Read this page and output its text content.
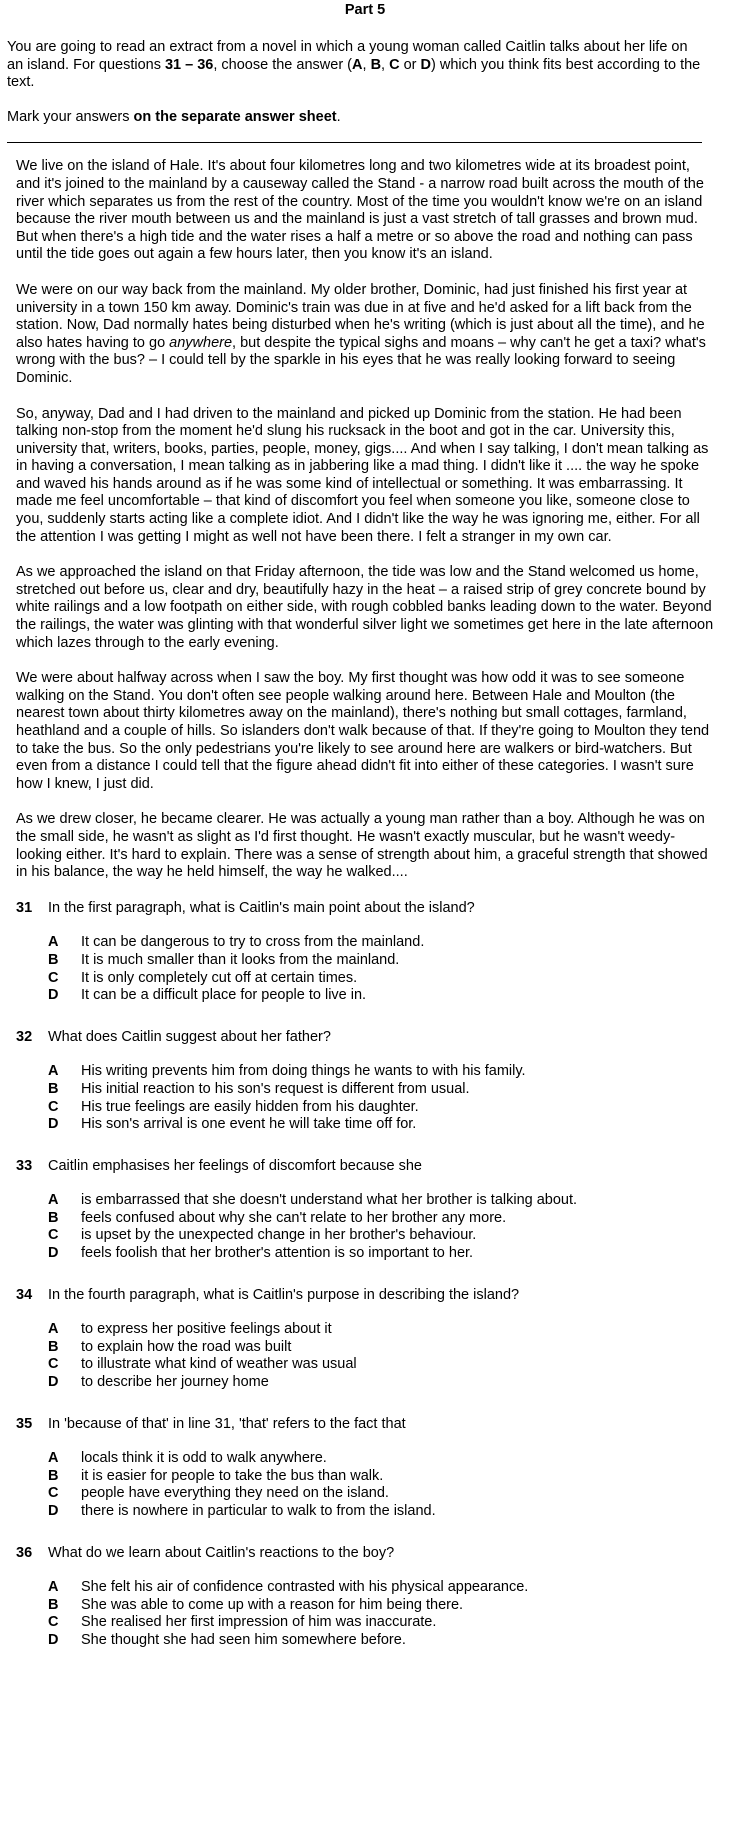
Part 5
You are going to read an extract from a novel in which a young woman called Caitlin talks about her life on an island. For questions 31 – 36, choose the answer (A, B, C or D) which you think fits best according to the text.
Mark your answers on the separate answer sheet.

We live on the island of Hale. It's about four kilometres long and two kilometres wide at its broadest point, and it's joined to the mainland by a causeway called the Stand - a narrow road built across the mouth of the river which separates us from the rest of the country. Most of the time you wouldn't know we're on an island because the river mouth between us and the mainland is just a vast stretch of tall grasses and brown mud. But when there's a high tide and the water rises a half a metre or so above the road and nothing can pass until the tide goes out again a few hours later, then you know it's an island.

We were on our way back from the mainland. My older brother, Dominic, had just finished his first year at university in a town 150 km away. Dominic's train was due in at five and he'd asked for a lift back from the station. Now, Dad normally hates being disturbed when he's writing (which is just about all the time), and he also hates having to go anywhere, but despite the typical sighs and moans – why can't he get a taxi? what's wrong with the bus? – I could tell by the sparkle in his eyes that he was really looking forward to seeing Dominic.

So, anyway, Dad and I had driven to the mainland and picked up Dominic from the station. He had been talking non-stop from the moment he'd slung his rucksack in the boot and got in the car. University this, university that, writers, books, parties, people, money, gigs.... And when I say talking, I don't mean talking as in having a conversation, I mean talking as in jabbering like a mad thing. I didn't like it .... the way he spoke and waved his hands around as if he was some kind of intellectual or something. It was embarrassing. It made me feel uncomfortable – that kind of discomfort you feel when someone you like, someone close to you, suddenly starts acting like a complete idiot. And I didn't like the way he was ignoring me, either. For all the attention I was getting I might as well not have been there. I felt a stranger in my own car.

As we approached the island on that Friday afternoon, the tide was low and the Stand welcomed us home, stretched out before us, clear and dry, beautifully hazy in the heat – a raised strip of grey concrete bound by white railings and a low footpath on either side, with rough cobbled banks leading down to the water. Beyond the railings, the water was glinting with that wonderful silver light we sometimes get here in the late afternoon which lazes through to the early evening.

We were about halfway across when I saw the boy. My first thought was how odd it was to see someone walking on the Stand. You don't often see people walking around here. Between Hale and Moulton (the nearest town about thirty kilometres away on the mainland), there's nothing but small cottages, farmland, heathland and a couple of hills. So islanders don't walk because of that. If they're going to Moulton they tend to take the bus. So the only pedestrians you're likely to see around here are walkers or bird-watchers. But even from a distance I could tell that the figure ahead didn't fit into either of these categories. I wasn't sure how I knew, I just did.

As we drew closer, he became clearer. He was actually a young man rather than a boy. Although he was on the small side, he wasn't as slight as I'd first thought. He wasn't exactly muscular, but he wasn't weedy-looking either. It's hard to explain. There was a sense of strength about him, a graceful strength that showed in his balance, the way he held himself, the way he walked....

31	In the first paragraph, what is Caitlin's main point about the island?
A	It can be dangerous to try to cross from the mainland.
B	It is much smaller than it looks from the mainland.
C	It is only completely cut off at certain times.
D	It can be a difficult place for people to live in.
32	What does Caitlin suggest about her father?
A	His writing prevents him from doing things he wants to with his family.
B	His initial reaction to his son's request is different from usual.
C	His true feelings are easily hidden from his daughter.
D	His son's arrival is one event he will take time off for.
33	Caitlin emphasises her feelings of discomfort because she
A	is embarrassed that she doesn't understand what her brother is talking about.
B	feels confused about why she can't relate to her brother any more.
C	is upset by the unexpected change in her brother's behaviour.
D	feels foolish that her brother's attention is so important to her.
34	In the fourth paragraph, what is Caitlin's purpose in describing the island?
A	to express her positive feelings about it
B	to explain how the road was built
C	to illustrate what kind of weather was usual
D	to describe her journey home
35	In 'because of that' in line 31, 'that' refers to the fact that
A	locals think it is odd to walk anywhere.
B	it is easier for people to take the bus than walk.
C	people have everything they need on the island.
D	there is nowhere in particular to walk to from the island.
36	What do we learn about Caitlin's reactions to the boy?
A	She felt his air of confidence contrasted with his physical appearance.
B	She was able to come up with a reason for him being there.
C	She realised her first impression of him was inaccurate.
D	She thought she had seen him somewhere before.
